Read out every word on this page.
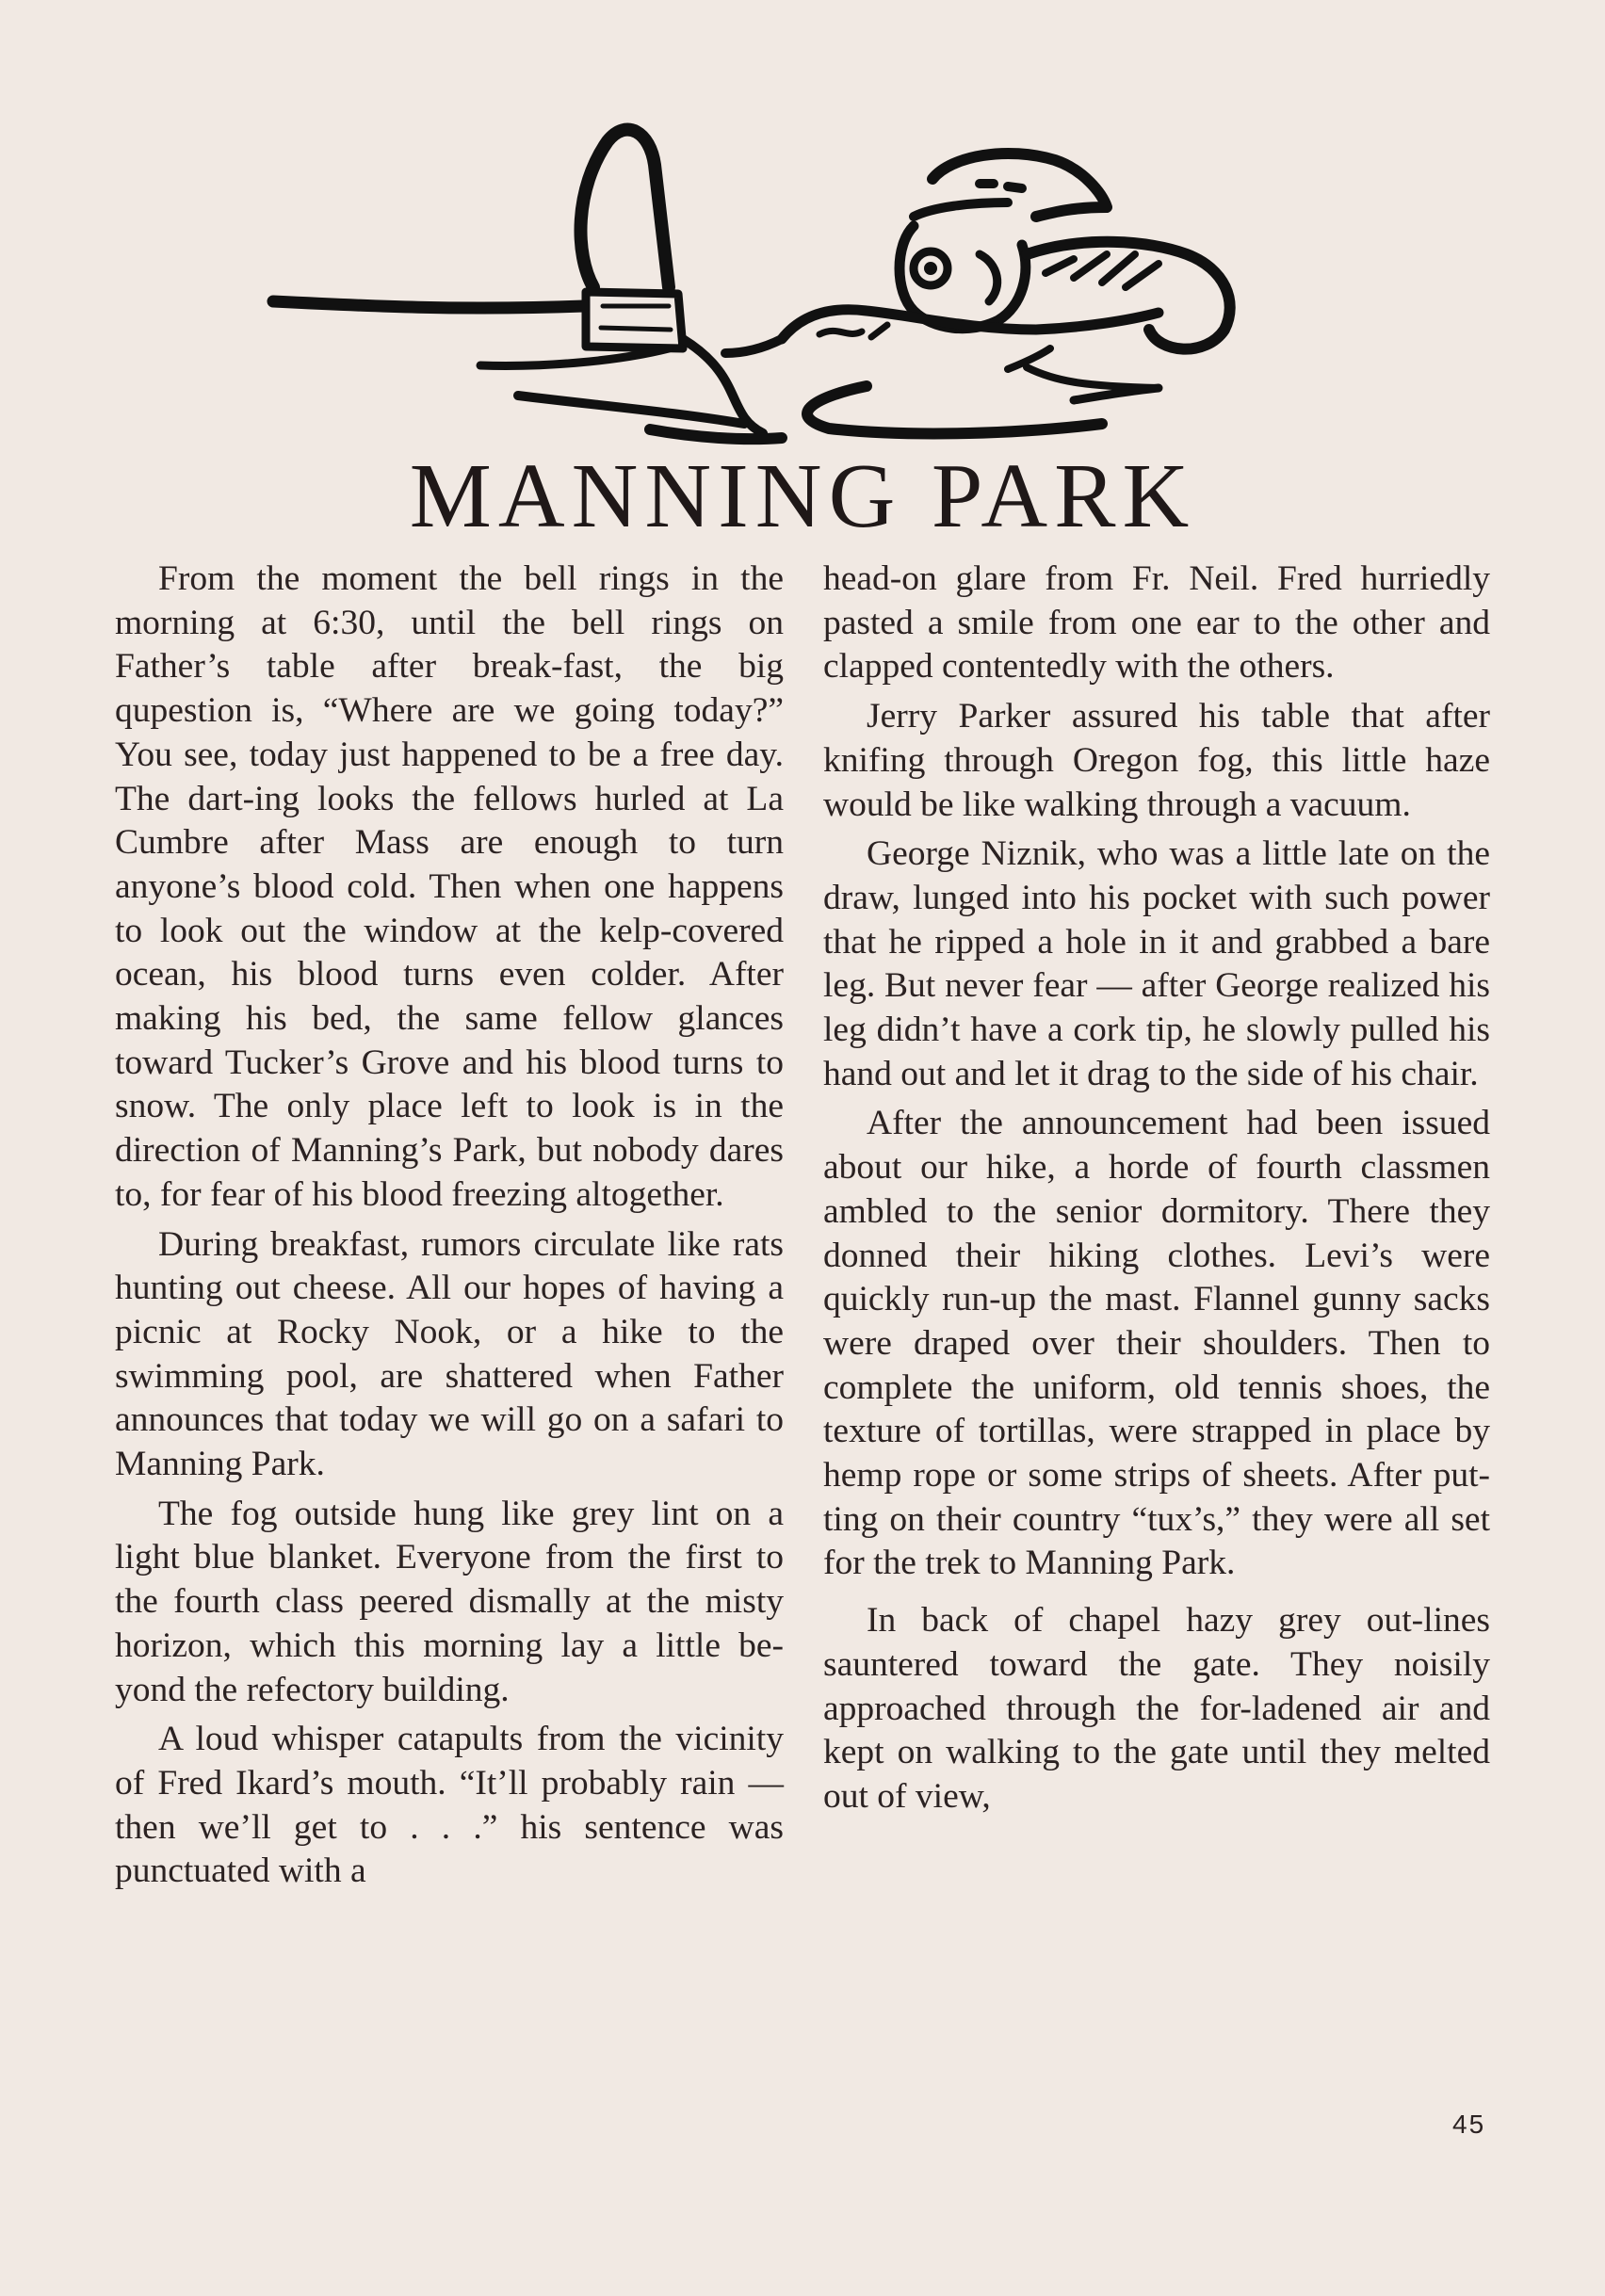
MANNING PARK

From the moment the bell rings in the morning at 6:30, until the bell rings on Father’s table after break-fast, the big qupestion is, “Where are we going today?” You see, today just happened to be a free day. The dart-ing looks the fellows hurled at La Cumbre after Mass are enough to turn anyone’s blood cold. Then when one happens to look out the window at the kelp-covered ocean, his blood turns even colder. After making his bed, the same fellow glances toward Tucker’s Grove and his blood turns to snow. The only place left to look is in the direction of Manning’s Park, but nobody dares to, for fear of his blood freezing altogether.

During breakfast, rumors circulate like rats hunting out cheese. All our hopes of having a picnic at Rocky Nook, or a hike to the swimming pool, are shattered when Father announces that today we will go on a safari to Manning Park.

The fog outside hung like grey lint on a light blue blanket. Everyone from the first to the fourth class peered dismally at the misty horizon, which this morning lay a little be-yond the refectory building.

A loud whisper catapults from the vicinity of Fred Ikard’s mouth. “It’ll probably rain — then we’ll get to . . .” his sentence was punctuated with a

head-on glare from Fr. Neil. Fred hurriedly pasted a smile from one ear to the other and clapped contentedly with the others.

Jerry Parker assured his table that after knifing through Oregon fog, this little haze would be like walking through a vacuum.

George Niznik, who was a little late on the draw, lunged into his pocket with such power that he ripped a hole in it and grabbed a bare leg. But never fear — after George realized his leg didn’t have a cork tip, he slowly pulled his hand out and let it drag to the side of his chair.

After the announcement had been issued about our hike, a horde of fourth classmen ambled to the senior dormitory. There they donned their hiking clothes. Levi’s were quickly run-up the mast. Flannel gunny sacks were draped over their shoulders. Then to complete the uniform, old tennis shoes, the texture of tortillas, were strapped in place by hemp rope or some strips of sheets. After put-ting on their country “tux’s,” they were all set for the trek to Manning Park.

In back of chapel hazy grey out-lines sauntered toward the gate. They noisily approached through the for-ladened air and kept on walking to the gate until they melted out of view,

45
